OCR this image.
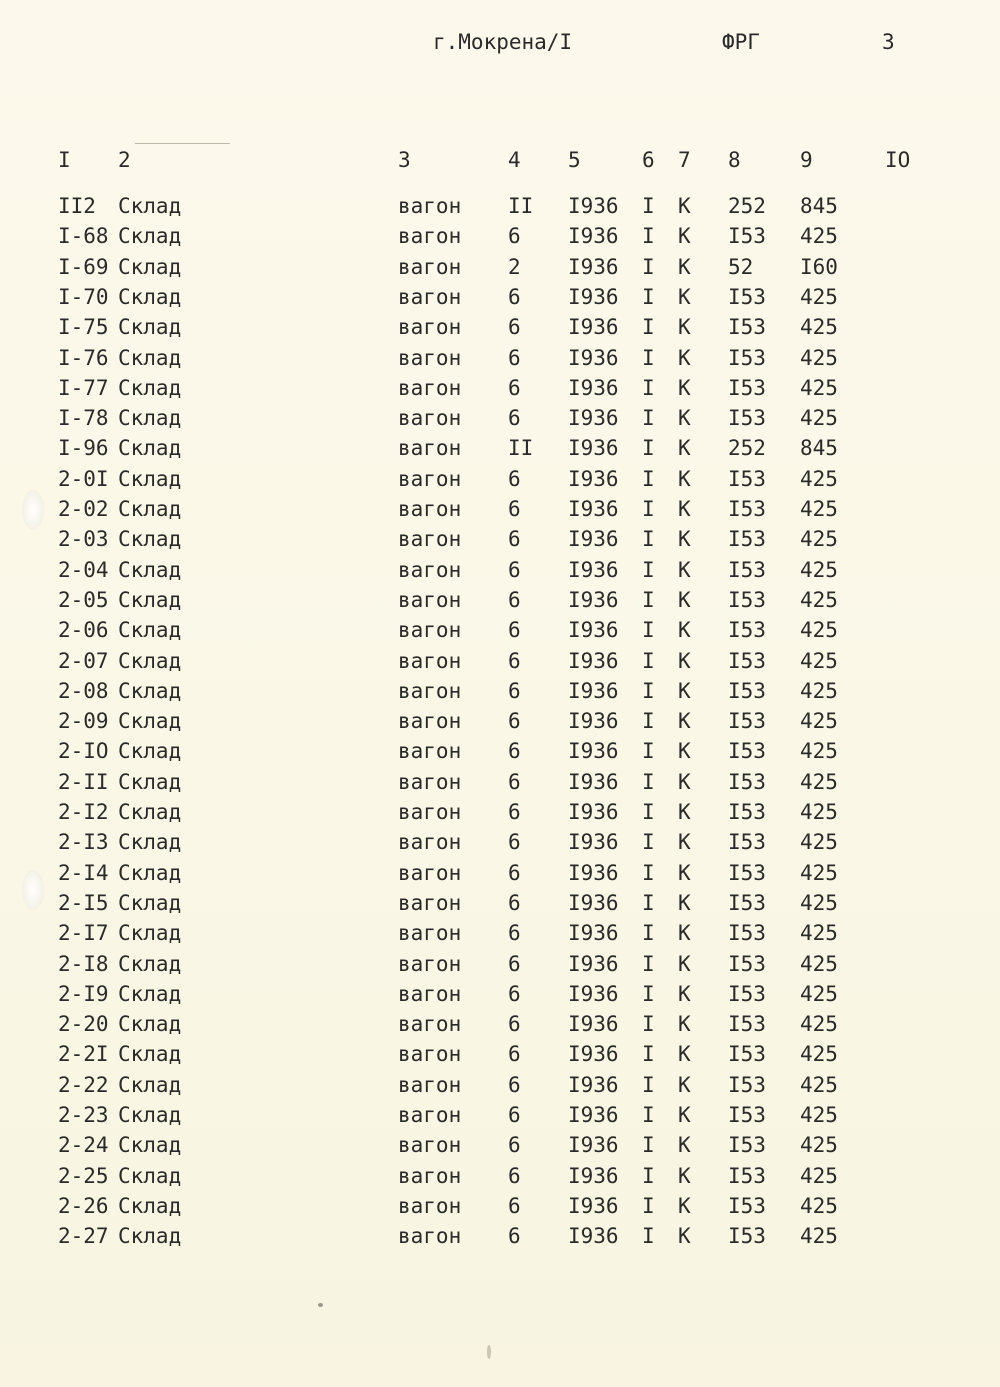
г.Мокрена/I	ФРГ	3
I 2	3	4 5	6 7 8	9	IO
II2 Склад	вагон II I936 I К 252 845
I-68 Склад	вагон 6 I936 I К I53 425
I-69 Склад	вагон 2 I936 I К 52 I60
I-70 Склад	вагон 6 I936 I К I53 425
I-75 Склад	вагон 6 I936 I К I53 425
I-76 Склад	вагон 6 I936 I К I53 425
I-77 Склад	вагон 6 I936 I К I53 425
I-78 Склад	вагон 6 I936 I К I53 425
I-96 Склад	вагон II I936 I К 252 845
2-0I Склад	вагон 6 I936 I К I53 425
2-02 Склад	вагон 6 I936 I К I53 425
2-03 Склад	вагон 6 I936 I К I53 425
2-04 Склад	вагон 6 I936 I К I53 425
2-05 Склад	вагон 6 I936 I К I53 425
2-06 Склад	вагон 6 I936 I К I53 425
2-07 Склад	вагон 6 I936 I К I53 425
2-08 Склад	вагон 6 I936 I К I53 425
2-09 Склад	вагон 6 I936 I К I53 425
2-IO Склад	вагон 6 I936 I К I53 425
2-II Склад	вагон 6 I936 I К I53 425
2-I2 Склад	вагон 6 I936 I К I53 425
2-I3 Склад	вагон 6 I936 I К I53 425
2-I4 Склад	вагон 6 I936 I К I53 425
2-I5 Склад	вагон 6 I936 I К I53 425
2-I7 Склад	вагон 6 I936 I К I53 425
2-I8 Склад	вагон 6 I936 I К I53 425
2-I9 Склад	вагон 6 I936 I К I53 425
2-20 Склад	вагон 6 I936 I К I53 425
2-2I Склад	вагон 6 I936 I К I53 425
2-22 Склад	вагон 6 I936 I К I53 425
2-23 Склад	вагон 6 I936 I К I53 425
2-24 Склад	вагон 6 I936 I К I53 425
2-25 Склад	вагон 6 I936 I К I53 425
2-26 Склад	вагон 6 I936 I К I53 425
2-27 Склад	вагон 6 I936 I К I53 425
